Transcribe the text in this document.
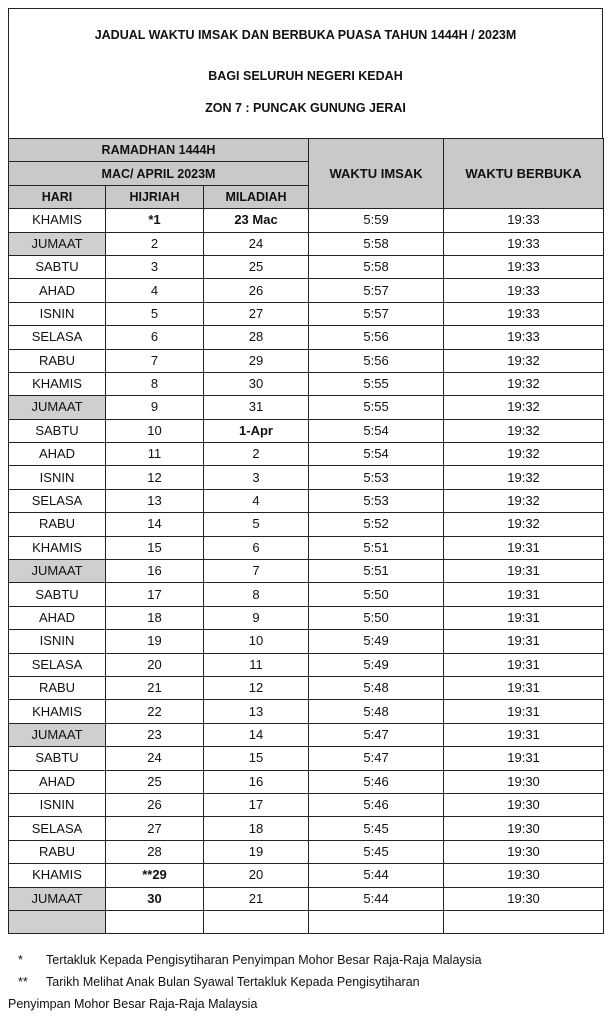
JADUAL WAKTU IMSAK DAN BERBUKA PUASA TAHUN 1444H / 2023M
BAGI SELURUH NEGERI KEDAH
ZON 7 : PUNCAK GUNUNG JERAI
RAMADHAN 1444H			WAKTU IMSAK	WAKTU BERBUKA
MAC/ APRIL 2023M				
HARI	HIJRIAH	MILADIAH		
KHAMIS	*1	23 Mac	5:59	19:33
JUMAAT	2	24	5:58	19:33
SABTU	3	25	5:58	19:33
AHAD	4	26	5:57	19:33
ISNIN	5	27	5:57	19:33
SELASA	6	28	5:56	19:33
RABU	7	29	5:56	19:32
KHAMIS	8	30	5:55	19:32
JUMAAT	9	31	5:55	19:32
SABTU	10	1-Apr	5:54	19:32
AHAD	11	2	5:54	19:32
ISNIN	12	3	5:53	19:32
SELASA	13	4	5:53	19:32
RABU	14	5	5:52	19:32
KHAMIS	15	6	5:51	19:31
JUMAAT	16	7	5:51	19:31
SABTU	17	8	5:50	19:31
AHAD	18	9	5:50	19:31
ISNIN	19	10	5:49	19:31
SELASA	20	11	5:49	19:31
RABU	21	12	5:48	19:31
KHAMIS	22	13	5:48	19:31
JUMAAT	23	14	5:47	19:31
SABTU	24	15	5:47	19:31
AHAD	25	16	5:46	19:30
ISNIN	26	17	5:46	19:30
SELASA	27	18	5:45	19:30
RABU	28	19	5:45	19:30
KHAMIS	**29	20	5:44	19:30
JUMAAT	30	21	5:44	19:30

* Tertakluk Kepada Pengisytiharan Penyimpan Mohor Besar Raja-Raja Malaysia
** Tarikh Melihat Anak Bulan Syawal Tertakluk Kepada Pengisytiharan
Penyimpan Mohor Besar Raja-Raja Malaysia
